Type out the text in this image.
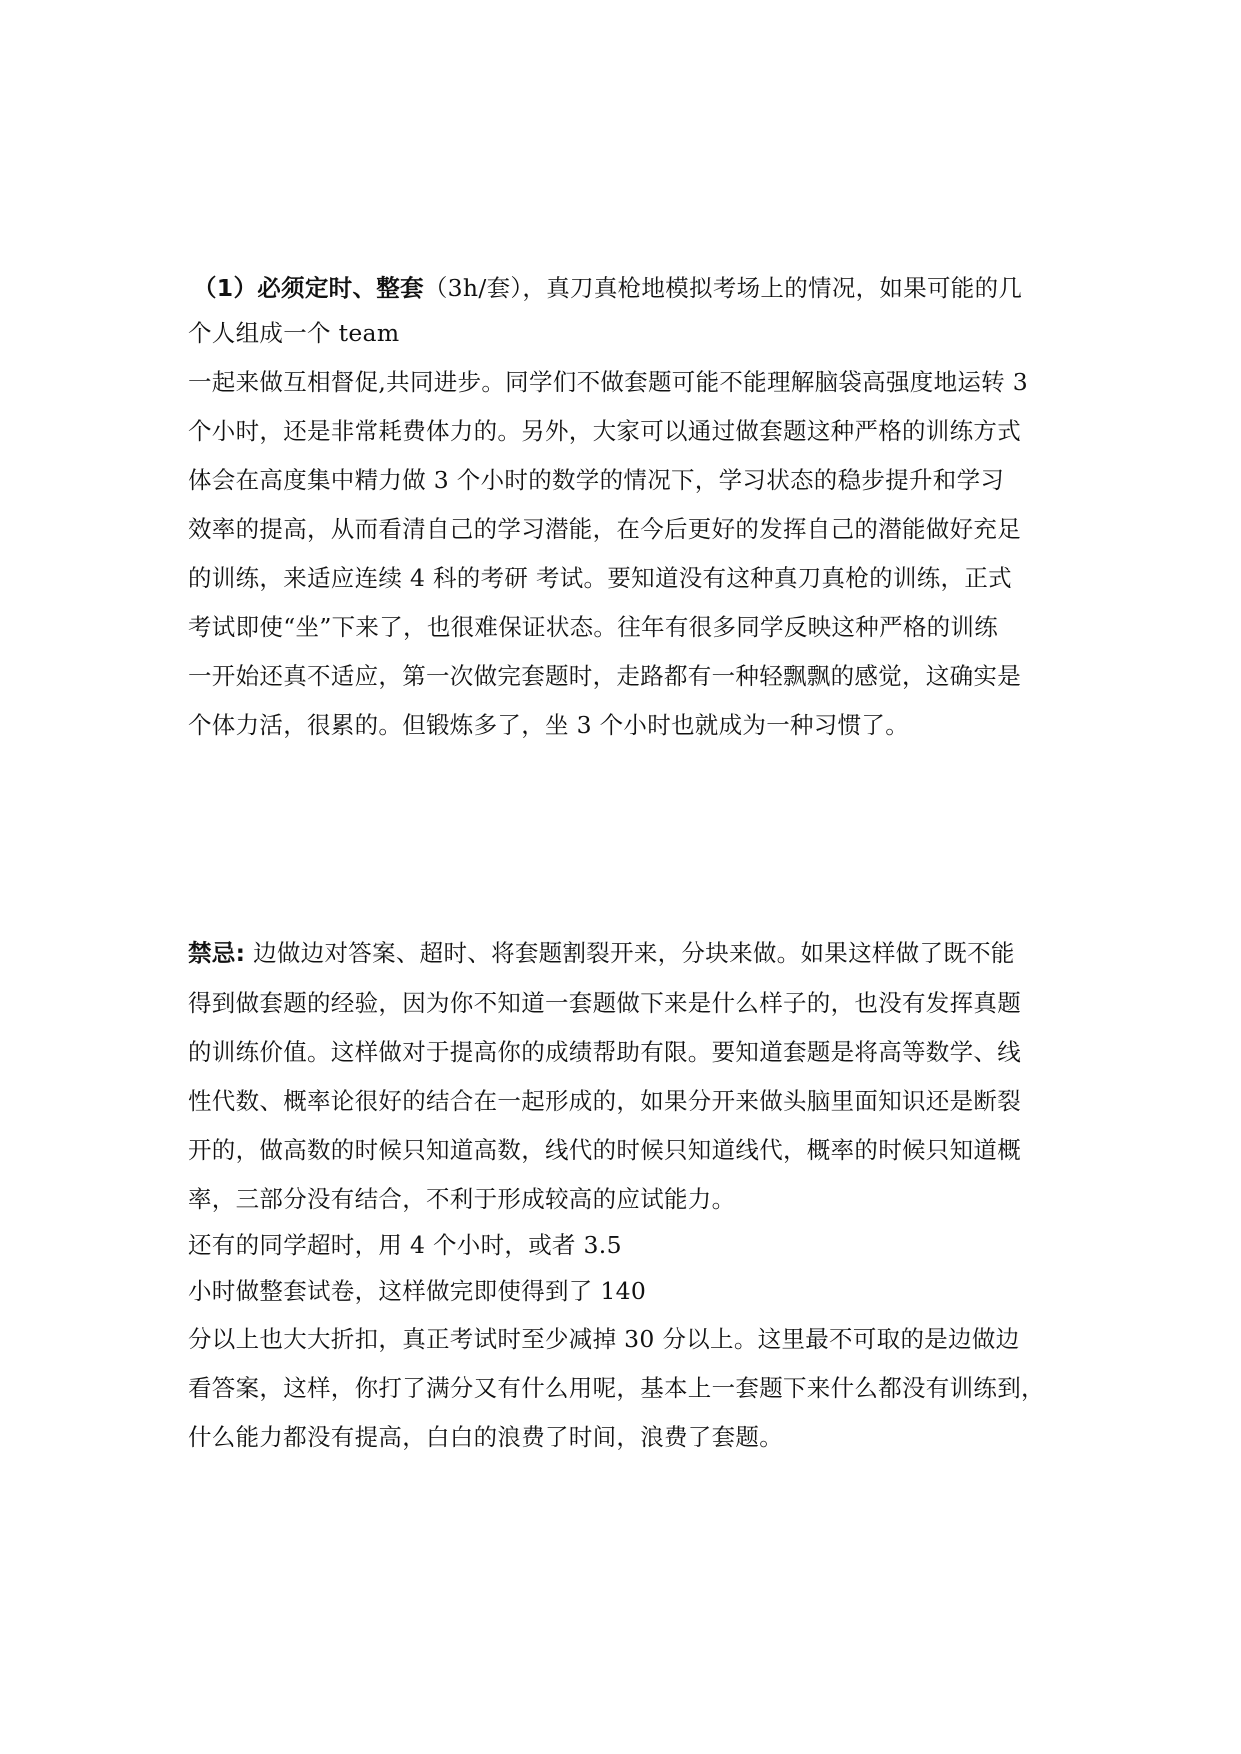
（1）必须定时、整套（3h/套），真刀真枪地模拟考场上的情况，如果可能的几
个人组成一个 team
一起来做互相督促,共同进步。同学们不做套题可能不能理解脑袋高强度地运转 3
个小时，还是非常耗费体力的。另外，大家可以通过做套题这种严格的训练方式
体会在高度集中精力做 3 个小时的数学的情况下，学习状态的稳步提升和学习
效率的提高，从而看清自己的学习潜能，在今后更好的发挥自己的潜能做好充足
的训练，来适应连续 4 科的考研 考试。要知道没有这种真刀真枪的训练，正式
考试即使“坐”下来了，也很难保证状态。往年有很多同学反映这种严格的训练
一开始还真不适应，第一次做完套题时，走路都有一种轻飘飘的感觉，这确实是
个体力活，很累的。但锻炼多了，坐 3 个小时也就成为一种习惯了。
禁忌: 边做边对答案、超时、将套题割裂开来，分块来做。如果这样做了既不能
得到做套题的经验，因为你不知道一套题做下来是什么样子的，也没有发挥真题
的训练价值。这样做对于提高你的成绩帮助有限。要知道套题是将高等数学、线
性代数、概率论很好的结合在一起形成的，如果分开来做头脑里面知识还是断裂
开的，做高数的时候只知道高数，线代的时候只知道线代，概率的时候只知道概
率，三部分没有结合，不利于形成较高的应试能力。
还有的同学超时，用 4 个小时，或者 3.5
小时做整套试卷，这样做完即使得到了 140
分以上也大大折扣，真正考试时至少减掉 30 分以上。这里最不可取的是边做边
看答案，这样，你打了满分又有什么用呢，基本上一套题下来什么都没有训练到，
什么能力都没有提高，白白的浪费了时间，浪费了套题。
